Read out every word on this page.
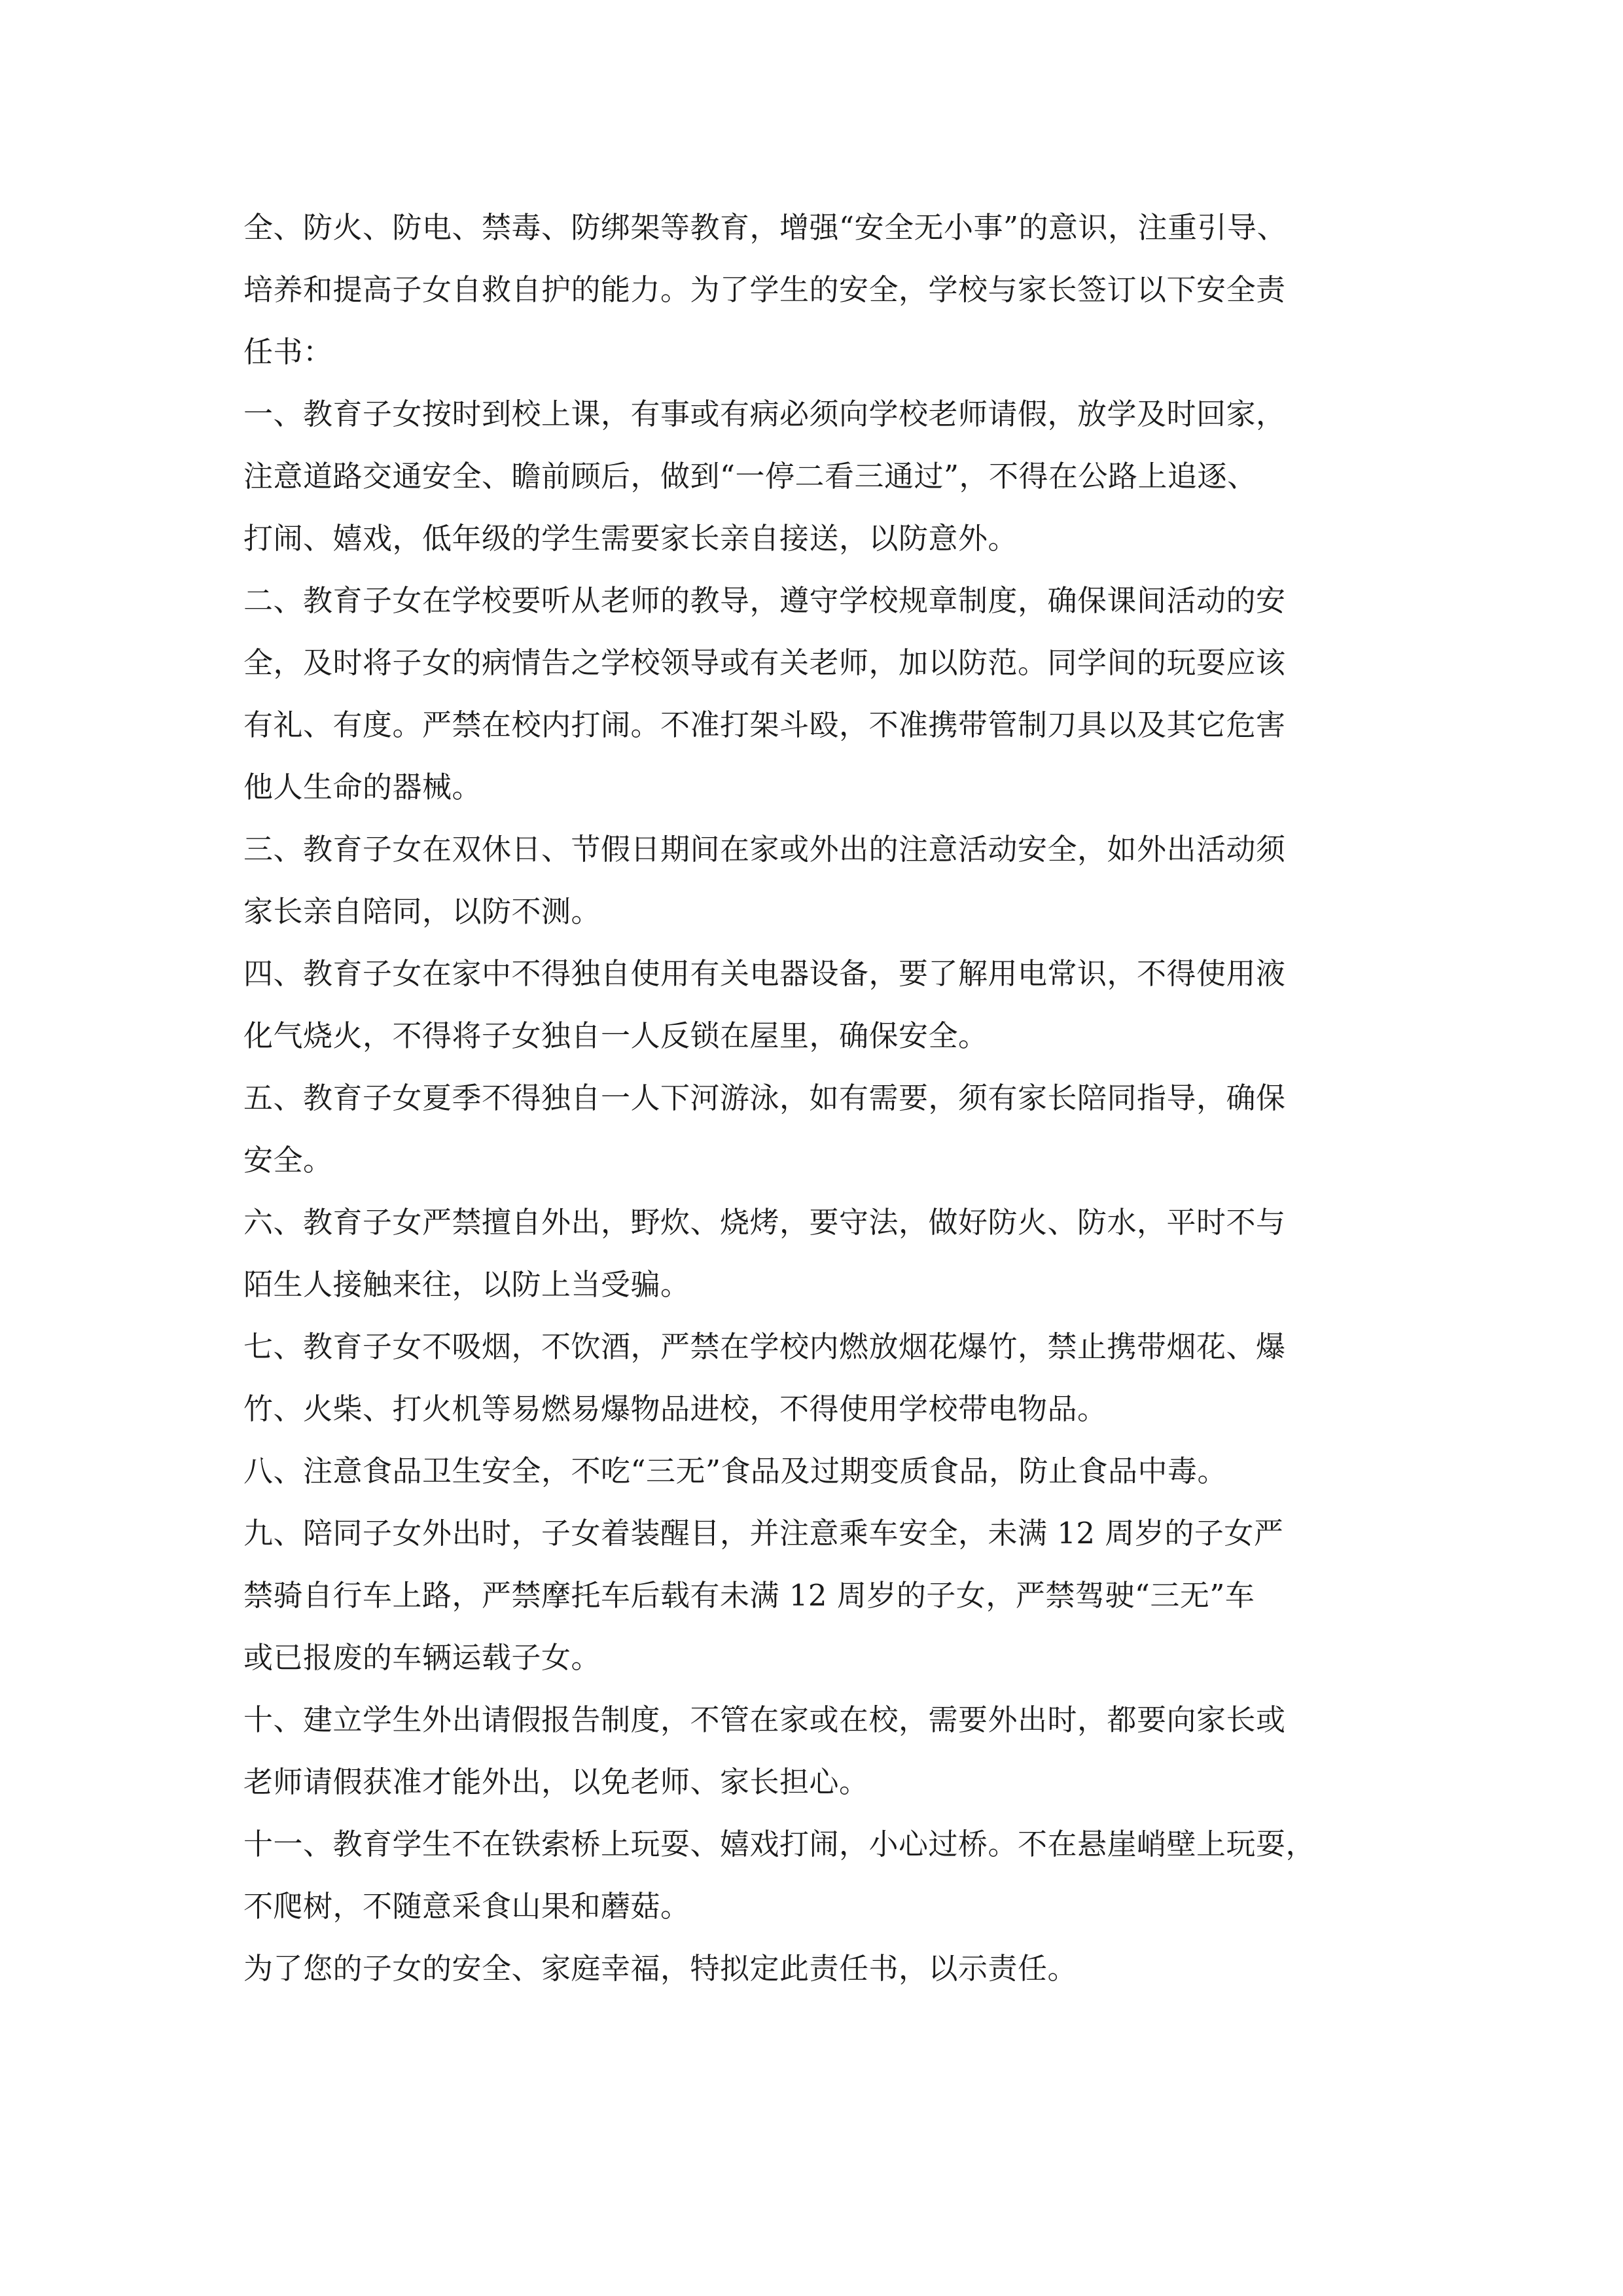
全、防火、防电、禁毒、防绑架等教育，增强“安全无小事”的意识，注重引导、
培养和提高子女自救自护的能力。为了学生的安全，学校与家长签订以下安全责
任书：
一、教育子女按时到校上课，有事或有病必须向学校老师请假，放学及时回家，
注意道路交通安全、瞻前顾后，做到“一停二看三通过”，不得在公路上追逐、
打闹、嬉戏，低年级的学生需要家长亲自接送，以防意外。
二、教育子女在学校要听从老师的教导，遵守学校规章制度，确保课间活动的安
全，及时将子女的病情告之学校领导或有关老师，加以防范。同学间的玩耍应该
有礼、有度。严禁在校内打闹。不准打架斗殴，不准携带管制刀具以及其它危害
他人生命的器械。
三、教育子女在双休日、节假日期间在家或外出的注意活动安全，如外出活动须
家长亲自陪同，以防不测。
四、教育子女在家中不得独自使用有关电器设备，要了解用电常识，不得使用液
化气烧火，不得将子女独自一人反锁在屋里，确保安全。
五、教育子女夏季不得独自一人下河游泳，如有需要，须有家长陪同指导，确保
安全。
六、教育子女严禁擅自外出，野炊、烧烤，要守法，做好防火、防水，平时不与
陌生人接触来往，以防上当受骗。
七、教育子女不吸烟，不饮酒，严禁在学校内燃放烟花爆竹，禁止携带烟花、爆
竹、火柴、打火机等易燃易爆物品进校，不得使用学校带电物品。
八、注意食品卫生安全，不吃“三无”食品及过期变质食品，防止食品中毒。
九、陪同子女外出时，子女着装醒目，并注意乘车安全，未满 12 周岁的子女严
禁骑自行车上路，严禁摩托车后载有未满 12 周岁的子女，严禁驾驶“三无”车
或已报废的车辆运载子女。
十、建立学生外出请假报告制度，不管在家或在校，需要外出时，都要向家长或
老师请假获准才能外出，以免老师、家长担心。
十一、教育学生不在铁索桥上玩耍、嬉戏打闹，小心过桥。不在悬崖峭壁上玩耍，
不爬树，不随意采食山果和蘑菇。
为了您的子女的安全、家庭幸福，特拟定此责任书，以示责任。
